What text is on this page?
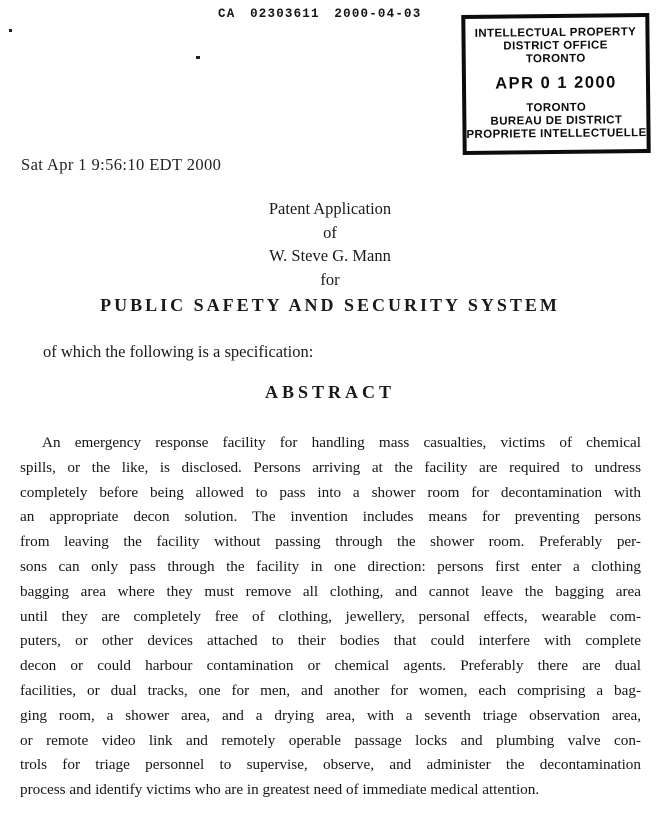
CA 02303611 2000-04-03
INTELLECTUAL PROPERTY
DISTRICT OFFICE
TORONTO
APR 0 1 2000
TORONTO
BUREAU DE DISTRICT
PROPRIETE INTELLECTUELLE
Sat Apr 1 9:56:10 EDT 2000
Patent Application
of
W. Steve G. Mann
for
PUBLIC SAFETY AND SECURITY SYSTEM
of which the following is a specification:
ABSTRACT
An emergency response facility for handling mass casualties, victims of chemical
spills, or the like, is disclosed. Persons arriving at the facility are required to undress
completely before being allowed to pass into a shower room for decontamination with
an appropriate decon solution. The invention includes means for preventing persons
from leaving the facility without passing through the shower room. Preferably per-
sons can only pass through the facility in one direction: persons first enter a clothing
bagging area where they must remove all clothing, and cannot leave the bagging area
until they are completely free of clothing, jewellery, personal effects, wearable com-
puters, or other devices attached to their bodies that could interfere with complete
decon or could harbour contamination or chemical agents. Preferably there are dual
facilities, or dual tracks, one for men, and another for women, each comprising a bag-
ging room, a shower area, and a drying area, with a seventh triage observation area,
or remote video link and remotely operable passage locks and plumbing valve con-
trols for triage personnel to supervise, observe, and administer the decontamination
process and identify victims who are in greatest need of immediate medical attention.
